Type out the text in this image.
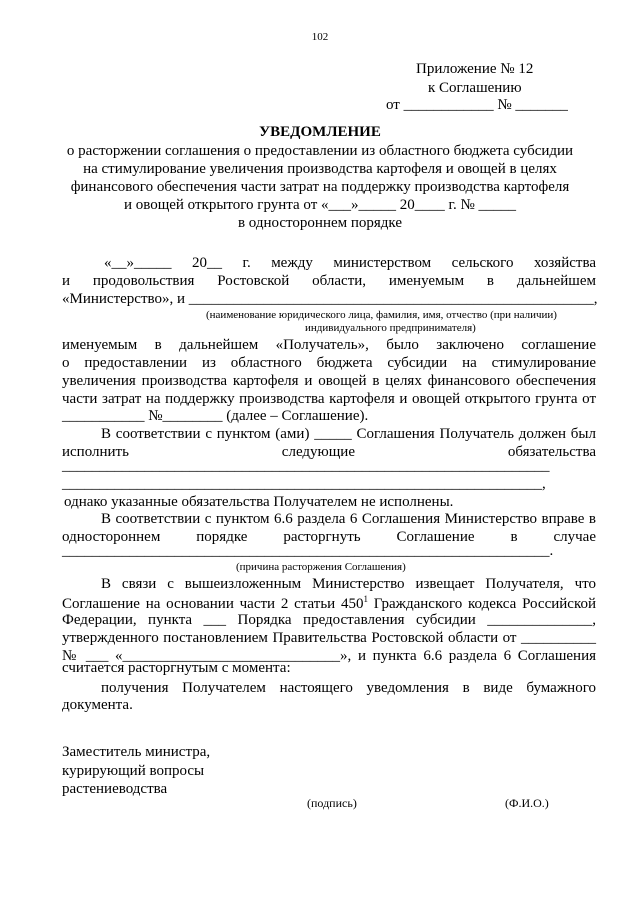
102
Приложение № 12
к Соглашению
от ____________ № _______
УВЕДОМЛЕНИЕ
о расторжении соглашения о предоставлении из областного бюджета субсидии
на стимулирование увеличения производства картофеля и овощей в целях
финансового обеспечения части затрат на поддержку производства картофеля
и овощей открытого грунта от «___»_____ 20____ г. № _____
в одностороннем порядке
«__»_____ 20__ г. между министерством сельского хозяйства
и продовольствия Ростовской области, именуемым в дальнейшем
«Министерство», и ______________________________________________________,
(наименование юридического лица, фамилия, имя, отчество (при наличии)
индивидуального предпринимателя)
именуемым в дальнейшем «Получатель», было заключено соглашение
о предоставлении из областного бюджета субсидии на стимулирование
увеличения производства картофеля и овощей в целях финансового обеспечения
части затрат на поддержку производства картофеля и овощей открытого грунта от
___________ №________ (далее – Соглашение).
В соответствии с пунктом (ами) _____ Соглашения Получатель должен был
исполнить следующие обязательства
_________________________________________________________________
________________________________________________________________,
однако указанные обязательства Получателем не исполнены.
В соответствии с пунктом 6.6 раздела 6 Соглашения Министерство вправе в
одностороннем порядке расторгнуть Соглашение в случае
_________________________________________________________________.
(причина расторжения Соглашения)
В связи с вышеизложенным Министерство извещает Получателя, что
Соглашение на основании части 2 статьи $450^1$ Гражданского кодекса Российской
Федерации, пункта ___ Порядка предоставления субсидии ______________,
утвержденного постановлением Правительства Ростовской области от __________
№ ___ «_____________________________», и пункта 6.6 раздела 6 Соглашения
считается расторгнутым с момента:
получения Получателем настоящего уведомления в виде бумажного
документа.
Заместитель министра,
курирующий вопросы
растениеводства
(подпись)	(Ф.И.О.)
